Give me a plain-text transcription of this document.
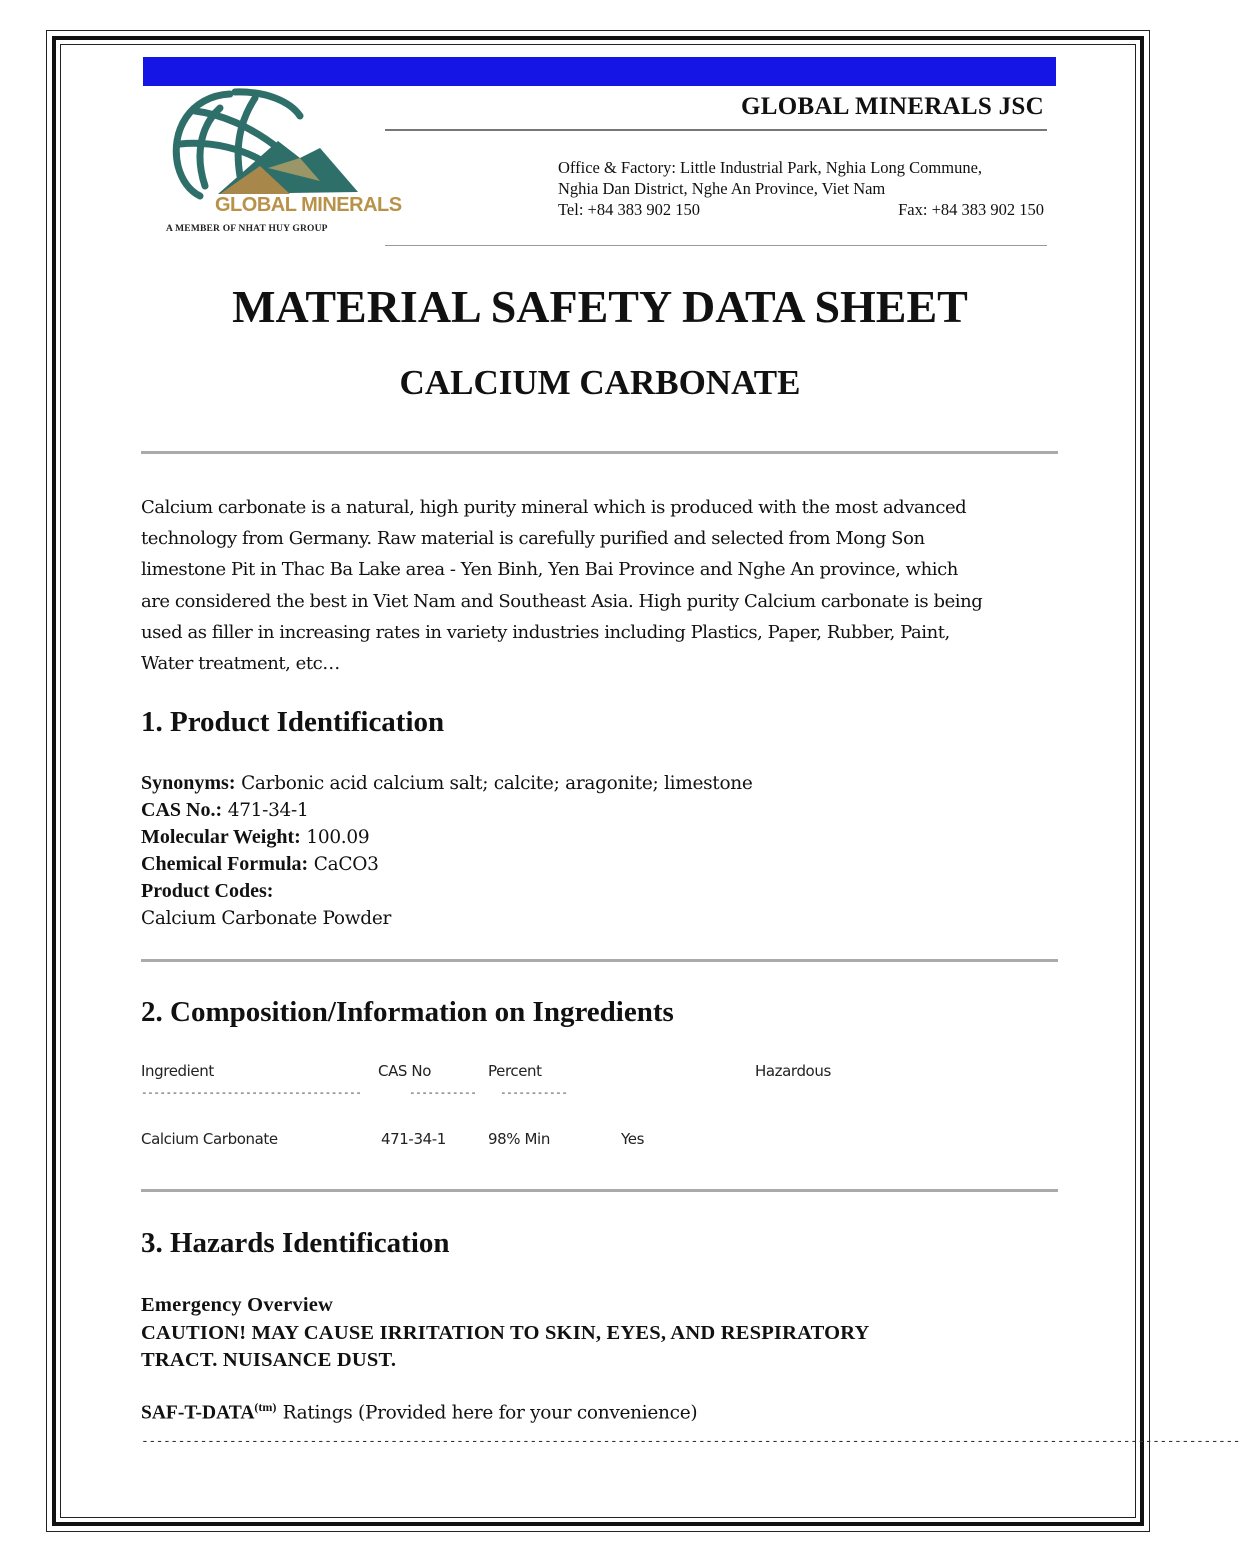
GLOBAL MINERALS
A MEMBER OF NHAT HUY GROUP
GLOBAL MINERALS JSC
Office & Factory: Little Industrial Park, Nghia Long Commune,
Nghia Dan District, Nghe An Province, Viet Nam
Tel: +84 383 902 150	Fax: +84 383 902 150
MATERIAL SAFETY DATA SHEET
CALCIUM CARBONATE
Calcium carbonate is a natural, high purity mineral which is produced with the most advanced
technology from Germany. Raw material is carefully purified and selected from Mong Son
limestone Pit in Thac Ba Lake area - Yen Binh, Yen Bai Province and Nghe An province, which
are considered the best in Viet Nam and Southeast Asia. High purity Calcium carbonate is being
used as filler in increasing rates in variety industries including Plastics, Paper, Rubber, Paint,
Water treatment, etc…
1. Product Identification
Synonyms: Carbonic acid calcium salt; calcite; aragonite; limestone
CAS No.: 471-34-1
Molecular Weight: 100.09
Chemical Formula: CaCO3
Product Codes:
Calcium Carbonate Powder
2. Composition/Information on Ingredients
Ingredient	CAS No	Percent	Hazardous
------------------------------------	----------- -----------
Calcium Carbonate	471-34-1	98% Min	Yes
3. Hazards Identification
Emergency Overview
CAUTION! MAY CAUSE IRRITATION TO SKIN, EYES, AND RESPIRATORY
TRACT. NUISANCE DUST.
SAF-$T-DATA^{(tm)}$ Ratings (Provided here for your convenience)
------------------------------------------------------------------------------------------------------------------------------------------------------
